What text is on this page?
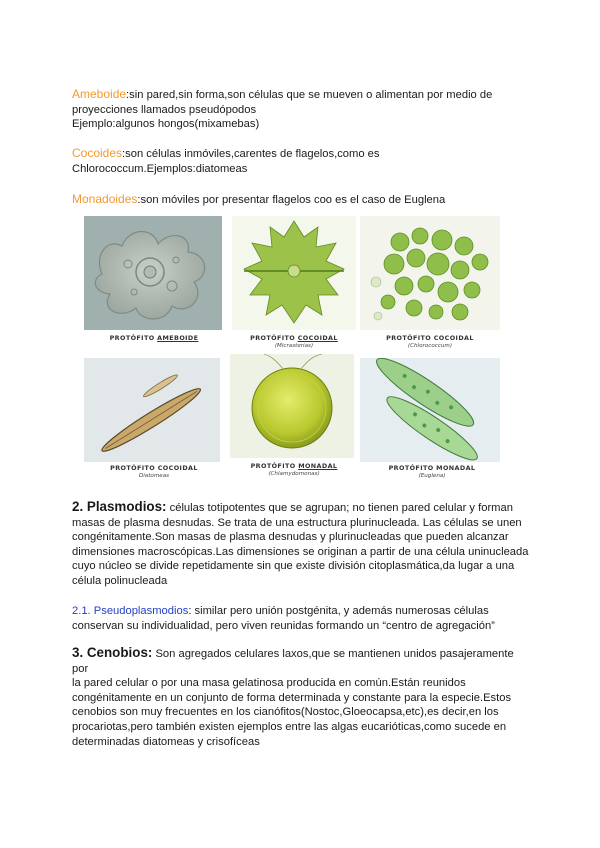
Ameboide:sin pared,sin forma,son células que se mueven o alimentan por medio de
proyecciones llamados pseudópodos
Ejemplo:algunos hongos(mixamebas)

Cocoides:son células inmóviles,carentes de flagelos,como es
Chlorococcum.Ejemplos:diatomeas

Monadoides:son móviles por presentar flagelos coo es el caso de Euglena

PROTÓFITO AMEBOIDE	PROTÓFITO COCOIDAL
(Micrasterias)
PROTÓFITO COCOIDAL
(Chlorococcum)
PROTÓFITO COCOIDAL
Diatomeas
PROTÓFITO MONADAL
(Chlamydomonas)
PROTÓFITO MONADAL
(Euglena)

2. Plasmodios: células totipotentes que se agrupan; no tienen pared celular y forman
masas de plasma desnudas. Se trata de una estructura plurinucleada. Las células se unen
congénitamente.Son masas de plasma desnudas y plurinucleadas que pueden alcanzar
dimensiones macroscópicas.Las dimensiones se originan a partir de una célula uninucleada
cuyo núcleo se divide repetidamente sin que existe división citoplasmática,da lugar a una
célula polinucleada

2.1. Pseudoplasmodios: similar pero unión postgénita, y además numerosas células
conservan su individualidad, pero viven reunidas formando un “centro de agregación”

3. Cenobios: Son agregados celulares laxos,que se mantienen unidos pasajeramente por
la pared celular o por una masa gelatinosa producida en común.Están reunidos
congénitamente en un conjunto de forma determinada y constante para la especie.Estos
cenobios son muy frecuentes en los cianófitos(Nostoc,Gloeocapsa,etc),es decir,en los
procariotas,pero también existen ejemplos entre las algas eucarióticas,como sucede en
determinadas diatomeas y crisofíceas
